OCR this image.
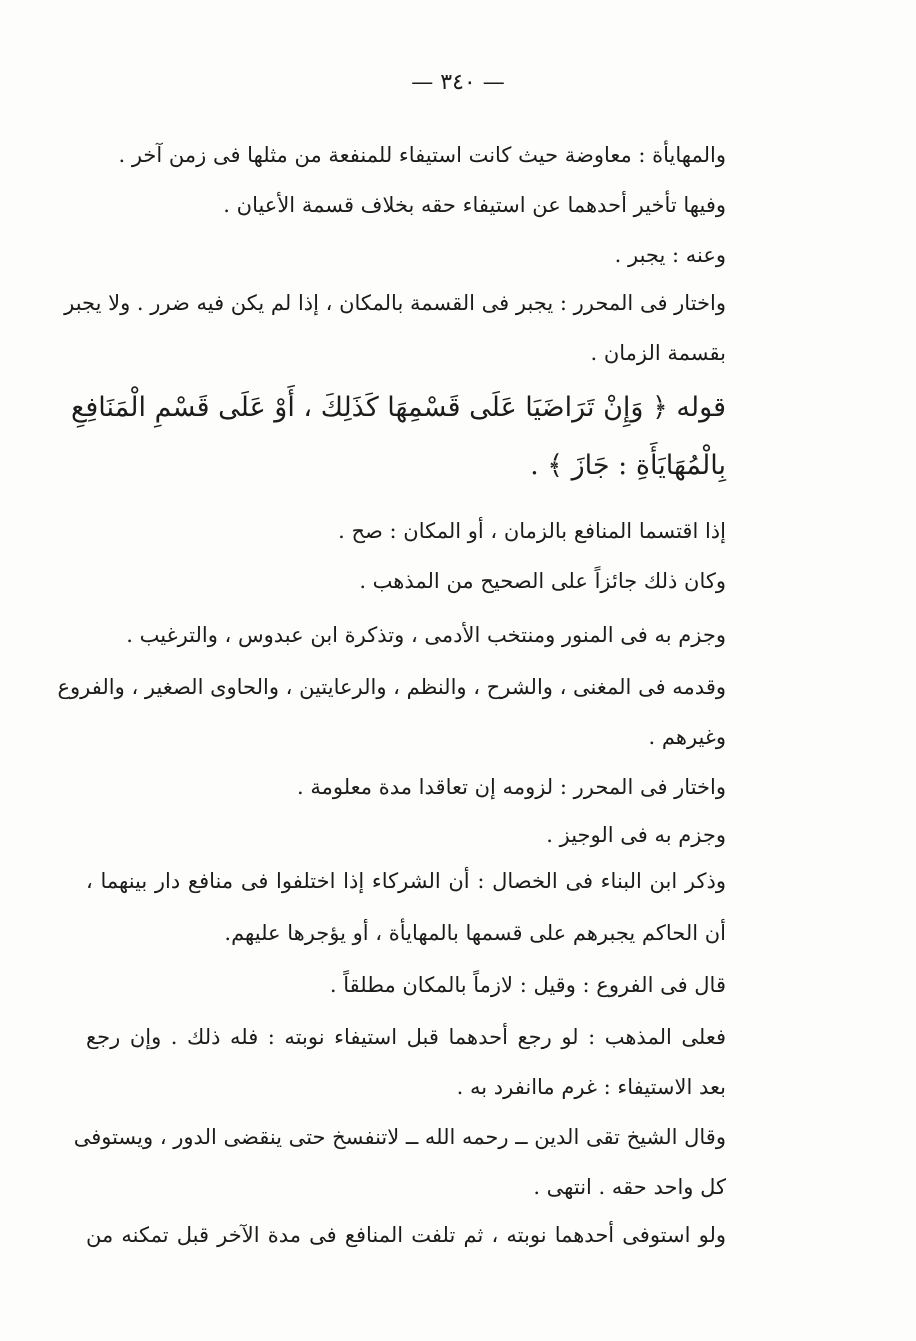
— ٣٤٠ —
والمهايأة : معاوضة حيث كانت استيفاء للمنفعة من مثلها فى زمن آخر .
وفيها تأخير أحدهما عن استيفاء حقه بخلاف قسمة الأعيان .
وعنه : يجبر .
واختار فى المحرر : يجبر فى القسمة بالمكان ، إذا لم يكن فيه ضرر . ولا يجبر
بقسمة الزمان .
قوله ﴿ وَإِنْ تَرَاضَيَا عَلَى قَسْمِهَا كَذَلِكَ ، أَوْ عَلَى قَسْمِ الْمَنَافِعِ
بِالْمُهَايَأَةِ : جَازَ ﴾ .
إذا اقتسما المنافع بالزمان ، أو المكان : صح .
وكان ذلك جائزاً على الصحيح من المذهب .
وجزم به فى المنور ومنتخب الأدمى ، وتذكرة ابن عبدوس ، والترغيب .
وقدمه فى المغنى ، والشرح ، والنظم ، والرعايتين ، والحاوى الصغير ، والفروع
وغيرهم .
واختار فى المحرر : لزومه إن تعاقدا مدة معلومة .
وجزم به فى الوجيز .
وذكر ابن البناء فى الخصال : أن الشركاء إذا اختلفوا فى منافع دار بينهما ،
أن الحاكم يجبرهم على قسمها بالمهايأة ، أو يؤجرها عليهم.
قال فى الفروع : وقيل : لازماً بالمكان مطلقاً .
فعلى المذهب : لو رجع أحدهما قبل استيفاء نوبته : فله ذلك . وإن رجع
بعد الاستيفاء : غرم ماانفرد به .
وقال الشيخ تقى الدين ــ رحمه الله ــ لاتنفسخ حتى ينقضى الدور ، ويستوفى
كل واحد حقه . انتهى .
ولو استوفى أحدهما نوبته ، ثم تلفت المنافع فى مدة الآخر قبل تمكنه من
